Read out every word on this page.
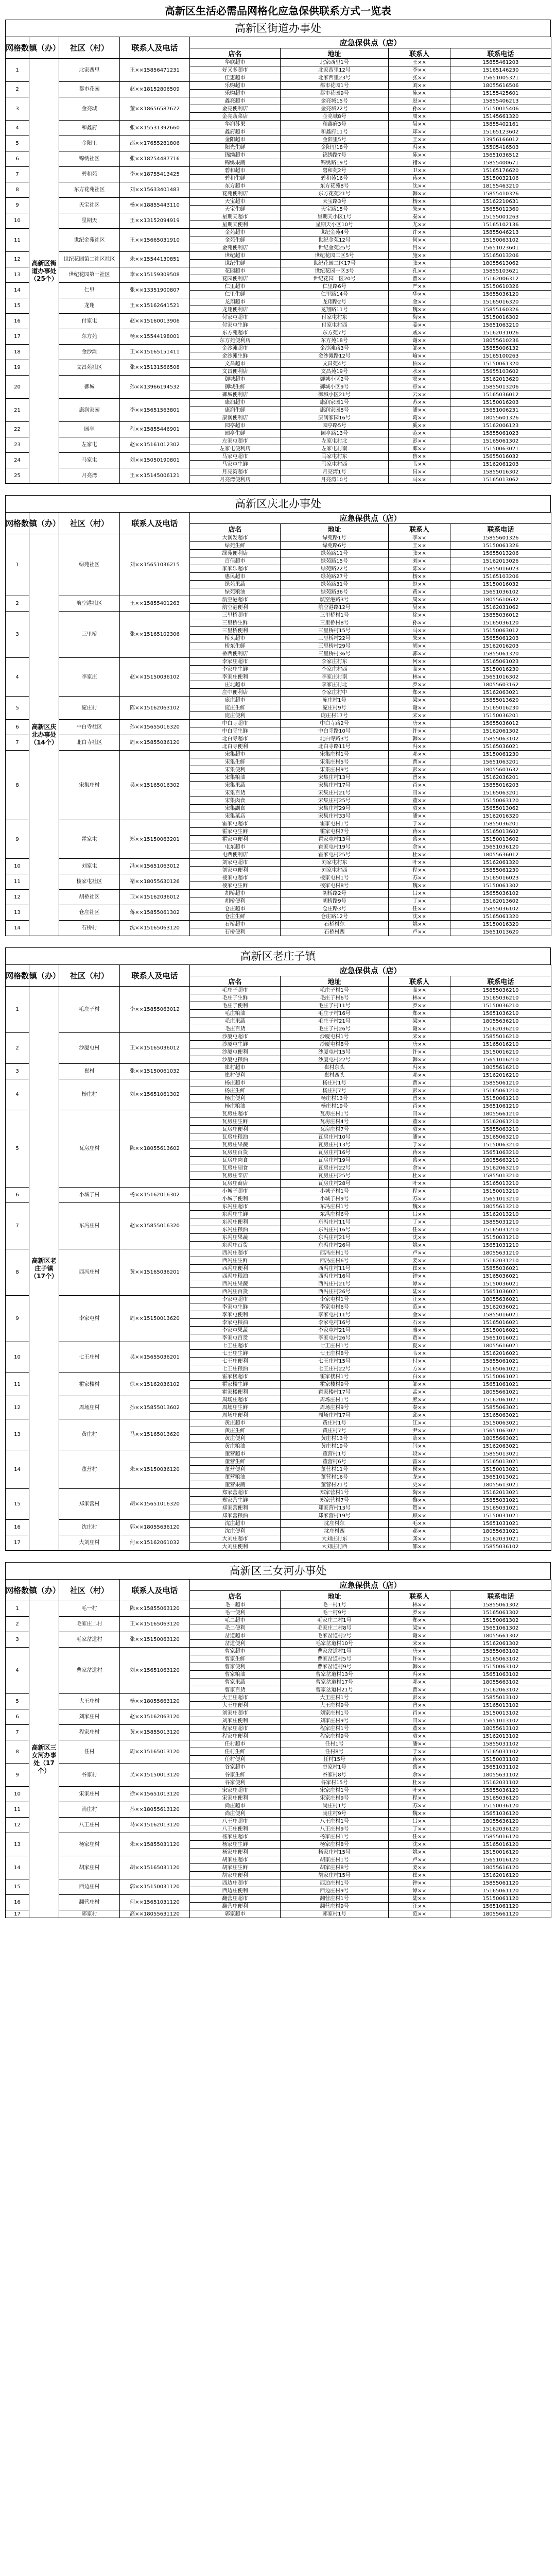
高新区生活必需品网格化应急保供联系方式一览表
高新区街道办事处
网格数	镇（办）	社区（村）	联系人及电话	应急保供点（店）			
				店名	地址	联系人	联系电话
1	高新区街道办事处（25个）	北家西里	王××15856471231	华联超市	北家西里1号	王××	15855461203
				好又多超市	北家西里12号	李××	15165146230
				佳惠超市	北家西里23号	张××	15651005321
2		都市花园	赵××18152806509	乐购超市	都市花园1号	刘××	18055616506
				乐购超市	都市花园9号	陈××	15155425601
3		金亮城	董××18656587672	鑫亮超市	金亮城15号	赵××	15855406213
				金亮便利店	金亮城22号	孙××	15150015406
				金亮蔬菜店	金亮城8号	周××	15145661320
4		和鑫府	张××15531392660	华润苏果	和鑫府3号	吴××	15855402161
				鑫府超市	和鑫府11号	郑××	15165123602
5		金阳里	邵××17655281806	金阳超市	金阳里5号	王××	13956166012
				阳光生鲜	金阳里18号	冯××	15505416503
6		锦绣社区	张××18254487716	锦绣超市	锦绣路7号	陈××	15651036512
				锦绣果蔬	锦绣路19号	褚××	15855400671
7		碧和苑	李××18755413425	碧和超市	碧和苑2号	卫××	15165176620
				碧和生鲜	碧和苑16号	蒋××	15150032106
8		东方花苑社区	刘××15633401483	东方超市	东方花苑8号	沈××	18155463210
				花苑便利店	东方花苑21号	韩××	15855410326
9		天宝社区	杨××18855443110	天宝超市	天宝路3号	杨××	15162210631
				天宝生鲜	天宝路15号	朱××	15655012360
10		星期天	王××13152094919	星期天超市	星期天小区1号	秦××	15155001263
				星期天便利	星期天小区10号	尤××	15165102136
11		世纪金苑社区	王××15665031910	金苑超市	世纪金苑4号	许××	15855046213
				金苑生鲜	世纪金苑12号	何××	15150063102
				金苑便利店	世纪金苑25号	吕××	15651023601
12		世纪花园第二社区社区	朱××15544130851	世纪超市	世纪花园二区5号	施××	15165013206
				世纪生鲜	世纪花园二区17号	张××	18055613062
13		世纪花园第一社区	李××15159309508	花园超市	世纪花园一区3号	孔××	15855103621
				花园便利店	世纪花园一区20号	曹××	15162006312
14		仁里	张××13351900807	仁里超市	仁里路6号	严××	15150610326
				仁里生鲜	仁里路14号	华××	15655036120
15		龙翔	王××15162641521	龙翔超市	龙翔路2号	金××	15165016320
				龙翔便利店	龙翔路11号	魏××	15855160326
16		付家屯	赵××15160013906	付家屯超市	付家屯村东	陶××	15150016302
				付家屯生鲜	付家屯村西	姜××	15651063210
17		东方苑	杨××15544198001	东方苑超市	东方苑7号	戚××	15162031026
				东方苑便利店	东方苑18号	谢××	18055610236
18		金沙滩	王××15165151411	金沙滩超市	金沙滩路3号	邹××	15855006132
				金沙滩生鲜	金沙滩路12号	喻××	15165100263
19		文昌苑社区	张××15131566508	文昌超市	文昌苑4号	柏××	15150061320
				文昌便利店	文昌苑19号	水××	15655103602
20		御城	孙××13966194532	御城超市	御城小区2号	窦××	15162013620
				御城生鲜	御城小区9号	章××	15855013206
				御城便利店	御城小区21号	云××	15165036012
21		康润家园	李××15651563801	康润超市	康润家园1号	苏××	15150016203
				康润生鲜	康润家园8号	潘××	15651006231
				康润便利店	康润家园16号	葛××	18055601326
22		园亭	程××15855446901	园亭超市	园亭路5号	奚××	15162006123
				园亭生鲜	园亭路13号	范××	15855061023
23		左家屯	赵××15161012302	左家屯超市	左家屯村北	彭××	15165061302
				左家屯便利店	左家屯村南	郎××	15150063021
24		马家屯	刘××15050190801	马家屯超市	马家屯村东	鲁××	15655016032
				马家屯生鲜	马家屯村西	韦××	15162061203
25		月亮湾	王××15145006121	月亮湾超市	月亮湾1号	昌××	15855016302
				月亮湾便利店	月亮湾10号	马××	15165013062
高新区庆北办事处
网格数	镇（办）	社区（村）	联系人及电话	应急保供点（店）			
				店名	地址	联系人	联系电话
1	高新区庆北办事处（14个）	绿苑社区	刘××15651036215	大润发超市	绿苑路1号	李××	15855601326
				绿苑生鲜	绿苑路6号	王××	15150061326
				绿苑便利店	绿苑路11号	张××	15655013206
				百佳超市	绿苑路15号	刘××	15162013026
				家家乐超市	绿苑路22号	陈××	15855016023
				惠民超市	绿苑路27号	杨××	15165103206
				绿苑果蔬	绿苑路31号	赵××	15150016032
				绿苑粮油	绿苑路36号	黄××	15651036102
2		航空港社区	王××15855401263	航空港超市	航空港路3号	周××	18055610632
				航空港便利	航空港路12号	吴××	15162031062
3		三里桥	张××15165102306	三里桥超市	三里桥村1号	徐××	15855036012
				三里桥生鲜	三里桥村8号	孙××	15165036120
				三里桥便利	三里桥村15号	马××	15150063012
				桥头超市	三里桥村22号	朱××	15655061203
				桥东生鲜	三里桥村29号	胡××	15162016203
				桥西便利店	三里桥村36号	郭××	15855061320
4		李家庄	赵××15150036102	李家庄超市	李家庄村东	何××	15165061023
				李家庄生鲜	李家庄村西	高××	15150016230
				李家庄便利	李家庄村南	林××	15651016302
				庄北超市	李家庄村北	罗××	18055603162
				庄中便利店	李家庄村中	郑××	15162063021
5		庞庄村	陈××15162063102	庞庄超市	庞庄村1号	梁××	15855013620
				庞庄生鲜	庞庄村9号	谢××	15165016230
				庞庄便利	庞庄村17号	宋××	15150036201
6		中白寺社区	孙××15655016320	中白寺超市	中白寺路2号	唐××	15655036012
				中白寺生鲜	中白寺路10号	许××	15162061302
7		北白寺社区	周××15855036120	北白寺超市	北白寺路3号	韩××	15855063102
				北白寺便利	北白寺路11号	冯××	15165036021
8		宋集庄村	吴××15165016302	宋集超市	宋集庄村1号	邓××	15150061230
				宋集生鲜	宋集庄村5号	曹××	15651063201
				宋集便利	宋集庄村9号	彭××	18055601632
				宋集粮油	宋集庄村13号	曾××	15162036201
				宋集果蔬	宋集庄村17号	肖××	15855016203
				宋集百货	宋集庄村21号	田××	15165063201
				宋集肉食	宋集庄村25号	董××	15150063120
				宋集副食	宋集庄村29号	袁××	15655013062
				宋集菜店	宋集庄村33号	潘××	15162016320
9		霍家屯	郑××15150063201	霍家屯超市	霍家屯村1号	于××	15855036201
				霍家屯生鲜	霍家屯村7号	蒋××	15165013602
				霍家屯便利	霍家屯村13号	蔡××	15150013602
				屯东超市	霍家屯村19号	余××	15651036120
				屯西便利店	霍家屯村25号	杜××	18055636012
10		刘家屯	冯××15651063012	刘家屯超市	刘家屯村东	叶××	15162061320
				刘家屯便利	刘家屯村西	程××	15855061230
11		棱家屯社区	褚××18055630126	棱家屯超市	棱家屯村1号	苏××	15165016023
				棱家屯生鲜	棱家屯村8号	魏××	15150061302
12		胡桥社区	卫××15162036012	胡桥超市	胡桥路2号	吕××	15655036102
				胡桥便利	胡桥路9号	丁××	15162013602
13		仓庄社区	蒋××15855061302	仓庄超市	仓庄路3号	任××	15855036102
				仓庄生鲜	仓庄路12号	沈××	15165061320
14		石桥村	沈××15165063120	石桥超市	石桥村东	姚××	15150016320
				石桥便利	石桥村西	卢××	15651013620
高新区老庄子镇
网格数	镇（办）	社区（村）	联系人及电话	应急保供点（店）			
				店名	地址	联系人	联系电话
1	高新区老庄子镇（17个）	毛庄子村	李××15855063012	毛庄子超市	毛庄子村1号	高××	15855036210
				毛庄子生鲜	毛庄子村6号	林××	15165036210
				毛庄子便利	毛庄子村11号	罗××	15150036210
				毛庄粮油	毛庄子村16号	郑××	15651036210
				毛庄果蔬	毛庄子村21号	梁××	18055636210
				毛庄百货	毛庄子村26号	谢××	15162036210
2		沙厦屯村	王××15165036012	沙厦屯超市	沙厦屯村1号	宋××	15855016210
				沙厦屯生鲜	沙厦屯村8号	唐××	15165016210
				沙厦屯便利	沙厦屯村15号	许××	15150016210
				沙厦屯粮油	沙厦屯村22号	韩××	15651016210
3		崔村	张××15150061032	崔村超市	崔村东头	冯××	18055616210
				崔村便利	崔村西头	邓××	15162016210
4		杨庄村	刘××15651061302	杨庄超市	杨庄村1号	曹××	15855061210
				杨庄生鲜	杨庄村7号	彭××	15165061210
				杨庄便利	杨庄村13号	曾××	15150061210
				杨庄粮油	杨庄村19号	肖××	15651061210
5		瓦房庄村	陈××18055613602	瓦房庄超市	瓦房庄村1号	田××	18055661210
				瓦房庄生鲜	瓦房庄村4号	董××	15162061210
				瓦房庄便利	瓦房庄村7号	袁××	15855063210
				瓦房庄粮油	瓦房庄村10号	潘××	15165063210
				瓦房庄果蔬	瓦房庄村13号	于××	15150063210
				瓦房庄百货	瓦房庄村16号	蒋××	15651063210
				瓦房庄肉食	瓦房庄村19号	蔡××	18055663210
				瓦房庄副食	瓦房庄村22号	余××	15162063210
				瓦房庄菜店	瓦房庄村25号	杜××	15855013210
				瓦房庄商店	瓦房庄村28号	叶××	15165013210
6		小城子村	杨××15162016302	小城子超市	小城子村1号	程××	15150013210
				小城子便利	小城子村9号	苏××	15651013210
7		东冯庄村	赵××15855016320	东冯庄超市	东冯庄村1号	魏××	18055613210
				东冯庄生鲜	东冯庄村6号	吕××	15162013210
				东冯庄便利	东冯庄村11号	丁××	15855031210
				东冯庄粮油	东冯庄村16号	任××	15165031210
				东冯庄果蔬	东冯庄村21号	沈××	15150031210
				东冯庄百货	东冯庄村26号	姚××	15651031210
8		西冯庄村	黄××15165036201	西冯庄超市	西冯庄村1号	卢××	18055631210
				西冯庄生鲜	西冯庄村6号	姜××	15162031210
				西冯庄便利	西冯庄村11号	崔××	15855036021
				西冯庄粮油	西冯庄村16号	钟××	15165036021
				西冯庄果蔬	西冯庄村21号	谭××	15150036021
				西冯庄百货	西冯庄村26号	陆××	15651036021
9		李家屯村	周××15150013620	李家屯超市	李家屯村1号	汪××	18055636021
				李家屯生鲜	李家屯村6号	范××	15162036021
				李家屯便利	李家屯村11号	金××	15855016021
				李家屯粮油	李家屯村16号	石××	15165016021
				李家屯果蔬	李家屯村21号	廖××	15150016021
				李家屯百货	李家屯村26号	贾××	15651016021
10		七王庄村	吴××15655036201	七王庄超市	七王庄村1号	夏××	18055616021
				七王庄生鲜	七王庄村8号	韦××	15162016021
				七王庄便利	七王庄村15号	付××	15855061021
				七王庄粮油	七王庄村22号	方××	15165061021
11		霍家楼村	徐××15162036102	霍家楼超市	霍家楼村1号	白××	15150061021
				霍家楼生鲜	霍家楼村9号	邹××	15651061021
				霍家楼便利	霍家楼村17号	孟××	18055661021
12		周场庄村	孙××15855013602	周场庄超市	周场庄村1号	熊××	15162061021
				周场庄生鲜	周场庄村9号	秦××	15855063021
				周场庄便利	周场庄村17号	邱××	15165063021
13		黄庄村	马××15165013620	黄庄超市	黄庄村1号	江××	15150063021
				黄庄生鲜	黄庄村7号	尹××	15651063021
				黄庄便利	黄庄村13号	薛××	18055663021
				黄庄粮油	黄庄村19号	闫××	15162063021
14		董营村	朱××15150036120	董营超市	董营村1号	段××	15855013021
				董营生鲜	董营村6号	雷××	15165013021
				董营便利	董营村11号	侯××	15150013021
				董营粮油	董营村16号	龙××	15651013021
				董营果蔬	董营村21号	史××	18055613021
15		郑家营村	胡××15651016320	郑家营超市	郑家营村1号	陶××	15162013021
				郑家营生鲜	郑家营村7号	黎××	15855031021
				郑家营便利	郑家营村13号	贺××	15165031021
				郑家营粮油	郑家营村19号	顾××	15150031021
16		沈庄村	郭××18055636120	沈庄超市	沈庄村东	毛××	15651031021
				沈庄便利	沈庄村西	郝××	18055631021
17		大刘庄村	何××15162061032	大刘庄超市	大刘庄村东	龚××	15162031021
				大刘庄便利	大刘庄村西	邵××	15855036102
高新区三女河办事处
网格数	镇（办）	社区（村）	联系人及电话	应急保供点（店）			
				店名	地址	联系人	联系电话
1	高新区三女河办事处（17个）	毛一村	陈××15855063120	毛一超市	毛一村1号	林××	15855061302
				毛一便利	毛一村9号	罗××	15165061302
2		毛家庄二村	王××15165063120	毛二超市	毛家庄二村1号	郑××	15150061302
				毛二便利	毛家庄二村8号	梁××	15651061302
3		毛家岔道村	张××15150063120	岔道超市	毛家岔道村2号	谢××	18055661302
				岔道便利	毛家岔道村10号	宋××	15162061302
4		曹家岔道村	刘××15651063120	曹家超市	曹家岔道村1号	唐××	15855063102
				曹家生鲜	曹家岔道村5号	许××	15165063102
				曹家便利	曹家岔道村9号	韩××	15150063102
				曹家粮油	曹家岔道村13号	冯××	15651063102
				曹家果蔬	曹家岔道村17号	邓××	18055663102
				曹家百货	曹家岔道村21号	曹××	15162063102
5		大王庄村	杨××18055663120	大王庄超市	大王庄村1号	彭××	15855013102
				大王庄便利	大王庄村9号	曾××	15165013102
6		刘家庄村	赵××15162063120	刘家庄超市	刘家庄村1号	肖××	15150013102
				刘家庄便利	刘家庄村9号	田××	15651013102
7		程家庄村	黄××15855013120	程家庄超市	程家庄村1号	董××	18055613102
				程家庄便利	程家庄村9号	袁××	15162013102
8		任村	周××15165013120	任村超市	任村1号	潘××	15855031102
				任村生鲜	任村8号	于××	15165031102
				任村便利	任村15号	蒋××	15150031102
9		谷家村	吴××15150013120	谷家超市	谷家村1号	蔡××	15651031102
				谷家生鲜	谷家村8号	余××	18055631102
				谷家便利	谷家村15号	杜××	15162031102
10		宋家庄村	徐××15651013120	宋家庄超市	宋家庄村1号	叶××	15855036120
				宋家庄便利	宋家庄村9号	程××	15165036120
11		尚庄村	孙××18055613120	尚庄超市	尚庄村1号	苏××	15150036120
				尚庄便利	尚庄村9号	魏××	15651036120
12		八王庄村	马××15162013120	八王庄超市	八王庄村1号	吕××	18055636120
				八王庄便利	八王庄村9号	丁××	15162036120
13		杨家庄村	朱××15855031120	杨家庄超市	杨家庄村1号	任××	15855016120
				杨家庄生鲜	杨家庄村8号	沈××	15165016120
				杨家庄便利	杨家庄村15号	姚××	15150016120
14		胡家庄村	胡××15165031120	胡家庄超市	胡家庄村1号	卢××	15651016120
				胡家庄生鲜	胡家庄村8号	姜××	18055616120
				胡家庄便利	胡家庄村15号	崔××	15162016120
15		西边庄村	郭××15150031120	西边庄超市	西边庄村1号	钟××	15855061120
				西边庄便利	西边庄村9号	谭××	15165061120
16		翻营庄村	何××15651031120	翻营庄超市	翻营庄村1号	陆××	15150061120
				翻营庄便利	翻营庄村9号	汪××	15651061120
17		郭家村	高××18055631120	郭家超市	郭家村1号	范××	18055661120
